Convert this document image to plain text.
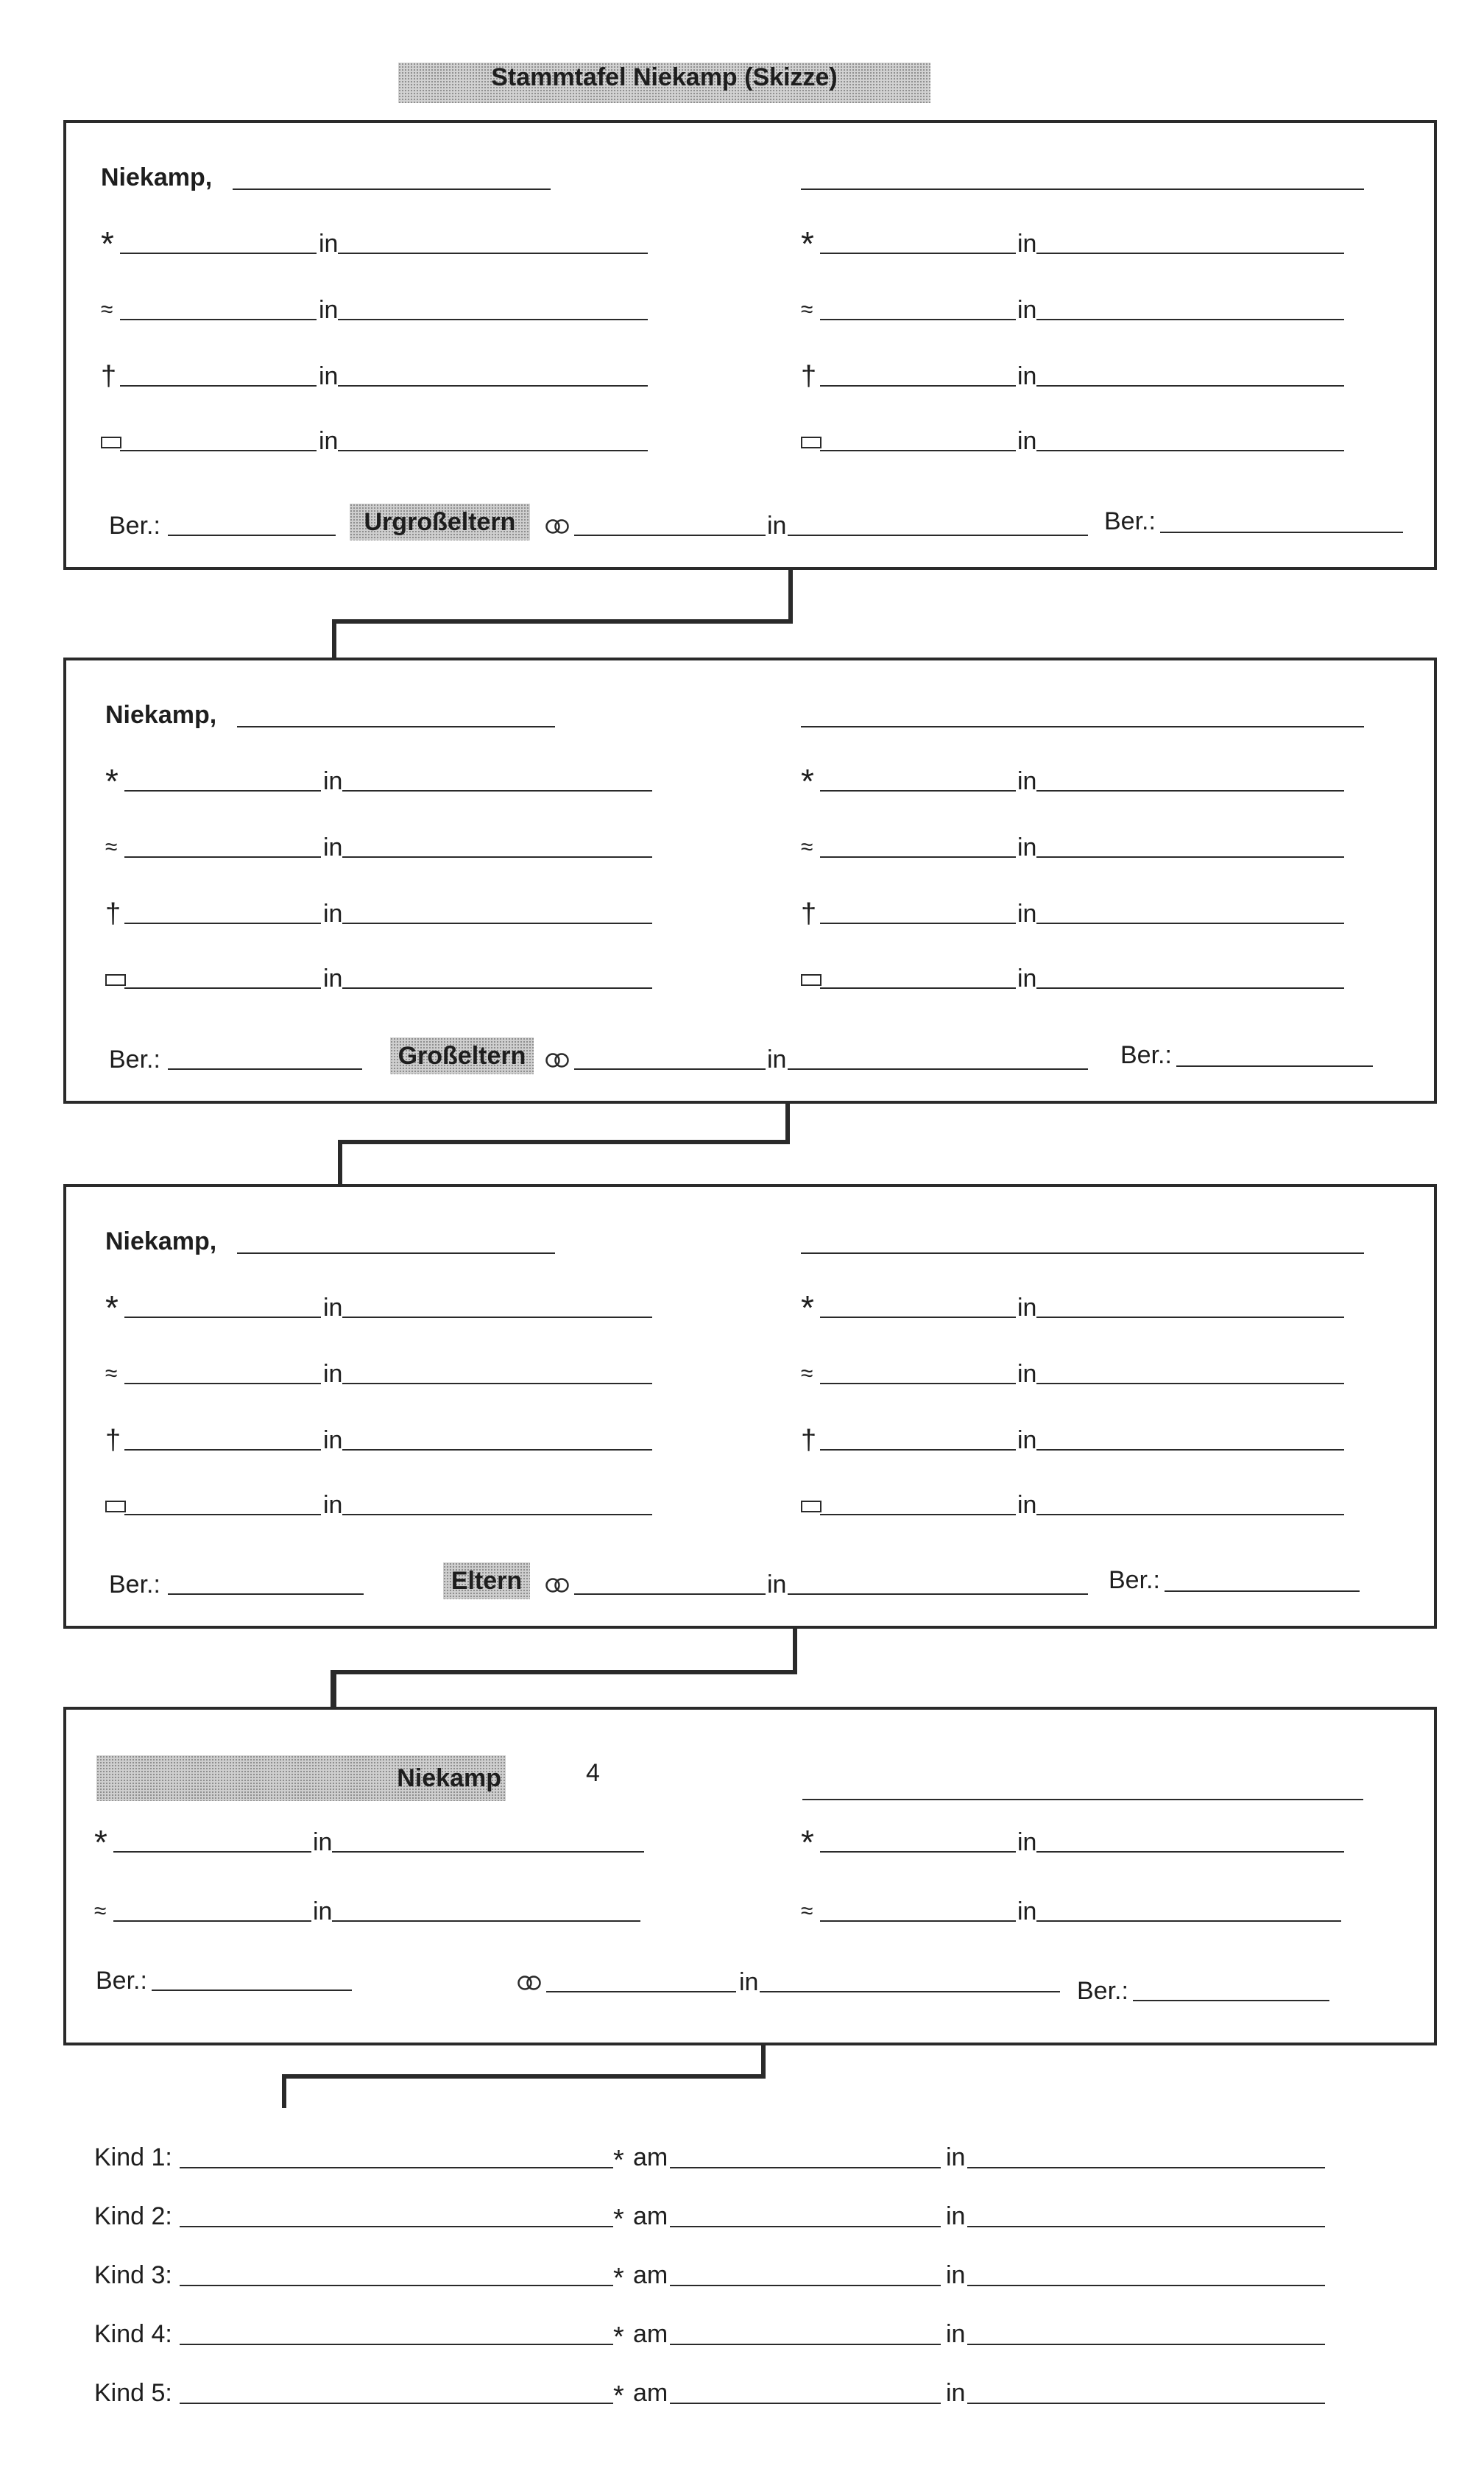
Stammtafel Niekamp (Skizze)
Niekamp,
*	in	*	in
≈	in	≈	in
†	in	†	in
in	in
Ber.:	Urgroßeltern	in	Ber.:
Niekamp,
*	in	*	in
≈	in	≈	in
†	in	†	in
in	in
Ber.:	Großeltern	in	Ber.:
Niekamp,
*	in	*	in
≈	in	≈	in
†	in	†	in
in	in
Ber.:	Eltern	in	Ber.:
Niekamp	4
*	in	*	in
≈	in	≈	in
Ber.:	in	Ber.:
Kind 1:	* am	in
Kind 2:	* am	in
Kind 3:	* am	in
Kind 4:	* am	in
Kind 5:	* am	in
